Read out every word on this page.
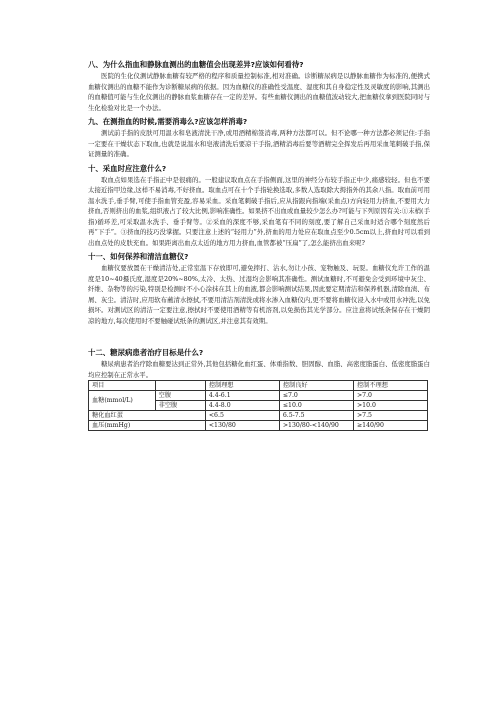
八、为什么指血和静脉血测出的血糖值会出现差异?应该如何看待?

医院的生化仪测试静脉血糖有较严格的程序和质量控制标准,相对准确。诊断糖尿病是以静脉血糖作为标准的,便携式血糖仪测出的血糖不能作为诊断糖尿病的依据。因为血糖仪的准确性受温度、湿度和其自身稳定性及灵敏度的影响,其测出的血糖值可能与生化仪测出的静脉血浆血糖存在一定的差异。有些血糖仪测出的血糖值波动较大,把血糖仪拿到医院同时与生化检验对比是一个办法。

九、在测指血的时候,需要消毒么?应该怎样消毒?

测试前手指的皮肤可用温水和皂液清洗干净,或用酒精棉签消毒,两种方法都可以。但不论哪一种方法都必须记住:手指一定要在干燥状态下取血,也就是说温水和皂液清洗后要凉干手指,酒精消毒后要等酒精完全挥发后再用采血笔刺破手指,保证测量的准确。

十、采血时应注意什么?

取血点如果选在手指正中是很痛的。一般建议取血点在手指侧面,这里的神经分布较手指正中少,痛感较轻。但也不要太接近指甲边缘,这样不易消毒,不好挤血。取血点可在十个手指轮换选取,多数人选取除大拇指外的其余八指。取血前可用温水洗手,垂手臂,可使手指血管充盈,容易采血。采血笔刺破手指后,应从指跟向指端(采血点)方向轻用力挤血,不要用大力挤血,否则挤出的血浆,组织液占了较大比例,影响准确性。如果挤不出血或血量较少怎么办?可能与下列原因有关:①末梢(手指)循环差,可采取温水洗手、垂手臂等。②采血的深度不够,采血笔有不同的刻度,要了解自己采血时适合哪个刻度然后再“下手”。③挤血的技巧没掌握。只要注意上述的“轻用力”外,挤血的用力处应在取血点至少0.5cm以上,挤血时可以看到出血点处的皮肤充血。如果距离出血点太近的地方用力挤血,血管都被“压扁”了,怎么能挤出血来呢?

十一、如何保养和清洁血糖仪?

血糖仪要放置在干燥清洁处,正常室温下存放即可,避免摔打、沾水,勿让小孩、宠物触及、玩耍。血糖仪允许工作的温度是10~40摄氏度,湿度是20%~80%,太冷、太热、过湿均会影响其准确性。测试血糖时,不可避免会受到环境中灰尘、纤维、杂物等的污染,特别是检测时不小心涂抹在其上的血液,都会影响测试结果,因此要定期清洁和保养机器,清除血渍、布屑、灰尘。清洁时,应用软布蘸清水擦拭,不要用清洁剂清洗或将水渗入血糖仪内,更不要将血糖仪浸入水中或用水冲洗,以免损坏。对测试区的清洁一定要注意,擦拭时不要使用酒精等有机溶剂,以免损伤其光学部分。应注意将试纸条保存在干燥阴凉的地方,每次使用时不要触碰试纸条的测试区,并注意其有效期。

十二、糖尿病患者治疗目标是什么?

糖尿病患者治疗除血糖要达到正常外,其他包括糖化血红蛋、体重指数、胆固醇、血脂、高密度脂蛋白、低密度脂蛋白均应控制在正常水平。

项目		控制理想	控制良好	控制不理想
血糖(mmol/L)	空腹	4.4-6.1	≤7.0	>7.0
	非空腹	4.4-8.0	≤10.0	>10.0
糖化血红蛋		<6.5	6.5-7.5	>7.5
血压(mmHg)		<130/80	>130/80-<140/90	≥140/90
